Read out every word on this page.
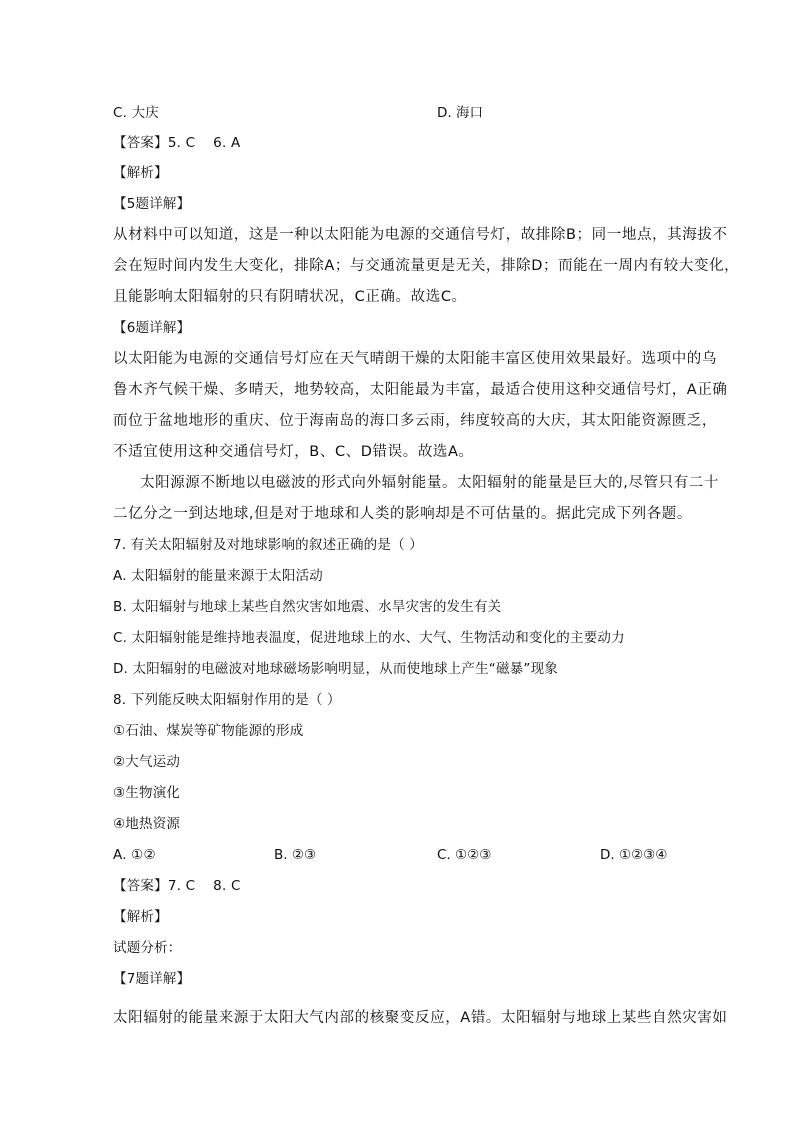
C. 大庆	D. 海口
【答案】5. C    6. A
【解析】
【5题详解】
从材料中可以知道，这是一种以太阳能为电源的交通信号灯，故排除B；同一地点，其海拔不
会在短时间内发生大变化，排除A；与交通流量更是无关，排除D；而能在一周内有较大变化，
且能影响太阳辐射的只有阴晴状况，C正确。故选C。
【6题详解】
以太阳能为电源的交通信号灯应在天气晴朗干燥的太阳能丰富区使用效果最好。选项中的乌
鲁木齐气候干燥、多晴天，地势较高，太阳能最为丰富，最适合使用这种交通信号灯，A正确
而位于盆地地形的重庆、位于海南岛的海口多云雨，纬度较高的大庆，其太阳能资源匮乏，
不适宜使用这种交通信号灯，B、C、D错误。故选A。
太阳源源不断地以电磁波的形式向外辐射能量。太阳辐射的能量是巨大的,尽管只有二十
二亿分之一到达地球,但是对于地球和人类的影响却是不可估量的。据此完成下列各题。
7. 有关太阳辐射及对地球影响的叙述正确的是（ ）
A. 太阳辐射的能量来源于太阳活动
B. 太阳辐射与地球上某些自然灾害如地震、水旱灾害的发生有关
C. 太阳辐射能是维持地表温度，促进地球上的水、大气、生物活动和变化的主要动力
D. 太阳辐射的电磁波对地球磁场影响明显，从而使地球上产生“磁暴”现象
8. 下列能反映太阳辐射作用的是（ ）
①石油、煤炭等矿物能源的形成
②大气运动
③生物演化
④地热资源
A. ①②	B. ②③	C. ①②③	D. ①②③④
【答案】7. C    8. C
【解析】
试题分析：
【7题详解】
太阳辐射的能量来源于太阳大气内部的核聚变反应，A错。太阳辐射与地球上某些自然灾害如
